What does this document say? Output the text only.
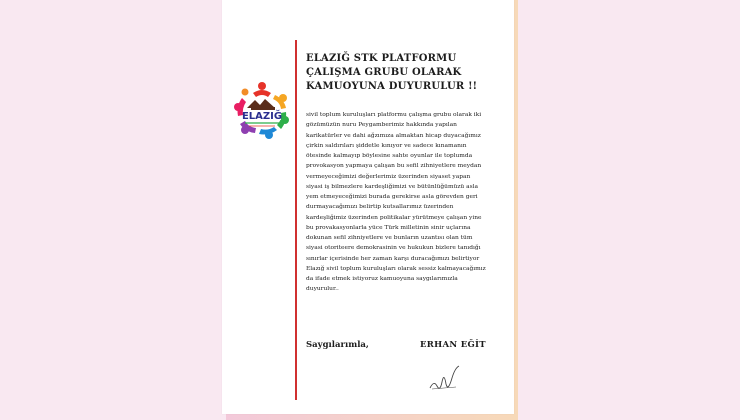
ELAZIĞ
ELAZIĞ STK PLATFORMU ÇALIŞMA GRUBU OLARAK KAMUOYUNA DUYURULUR !!

sivil toplum kuruluşları platformu çalışma grubu olarak iki
gözümüzün nuru Peygamberimiz hakkında yapılan
karikatürler ve dahi ağzımıza almaktan hicap duyacağımız
çirkin saldırıları şiddetle kınıyor ve sadece kınamanın
ötesinde kalmayıp böylesine sahte oyunlar ile toplumda
provokasyon yapmaya çalışan bu sefil zihniyetlere meydan
vermeyeceğimizi değerlerimiz üzerinden siyaset yapan
siyasi iş bilmezlere kardeşliğimizi ve bütünlüğümüzü asla
yem etmeyeceğimizi burada gerekirse asla görevden geri
durmayacağımızı belirtip kutsallarımız üzerinden
kardeşliğimiz üzerinden politikalar yürütmeye çalışan yine
bu provakasyonlarla yüce Türk milletinin sinir uçlarına
dokunan sefil zihniyetlere ve bunların uzantısı olan tüm
siyasi otoriteere demokrasinin ve hukukun bizlere tanıdığı
sınırlar içerisinde her zaman karşı duracağımızı belirtiyor
Elazığ sivil toplum kuruluşları olarak sessiz kalmayacağımız
da ifade etmek istiyoruz kamuoyuna saygılarımızla
duyurulur..

Saygılarımla,	ERHAN EĞİT
